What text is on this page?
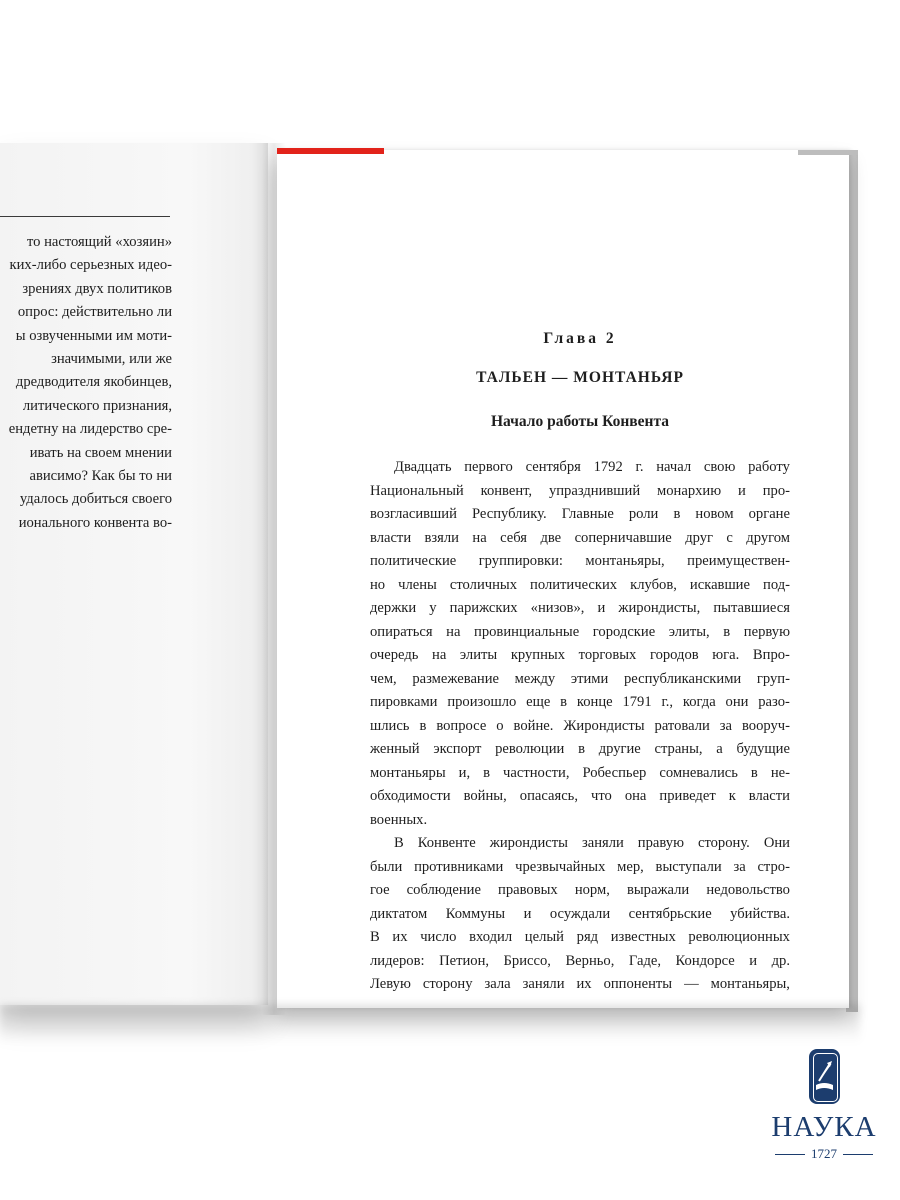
то настоящий «хозяин»
ких-либо серьезных идео-
зрениях двух политиков
опрос: действительно ли
ы озвученными им моти-
значимыми, или же
дредводителя якобинцев,
литического признания,
ендетну на лидерство сре-
ивать на своем мнении
ависимо? Как бы то ни
удалось добиться своего
ионального конвента во-
Глава 2
ТАЛЬЕН — МОНТАНЬЯР
Начало работы Конвента
Двадцать первого сентября 1792 г. начал свою работу
Национальный конвент, упразднивший монархию и про-
возгласивший Республику. Главные роли в новом органе
власти взяли на себя две соперничавшие друг с другом
политические группировки: монтаньяры, преимуществен-
но члены столичных политических клубов, искавшие под-
держки у парижских «низов», и жирондисты, пытавшиеся
опираться на провинциальные городские элиты, в первую
очередь на элиты крупных торговых городов юга. Впро-
чем, размежевание между этими республиканскими груп-
пировками произошло еще в конце 1791 г., когда они разо-
шлись в вопросе о войне. Жирондисты ратовали за вооруч-
женный экспорт революции в другие страны, а будущие
монтаньяры и, в частности, Робеспьер сомневались в не-
обходимости войны, опасаясь, что она приведет к власти
военных.
В Конвенте жирондисты заняли правую сторону. Они
были противниками чрезвычайных мер, выступали за стро-
гое соблюдение правовых норм, выражали недовольство
диктатом Коммуны и осуждали сентябрьские убийства.
В их число входил целый ряд известных революционных
лидеров: Петион, Бриссо, Верньо, Гаде, Кондорсе и др.
Левую сторону зала заняли их оппоненты — монтаньяры,
НАУКА
1727
